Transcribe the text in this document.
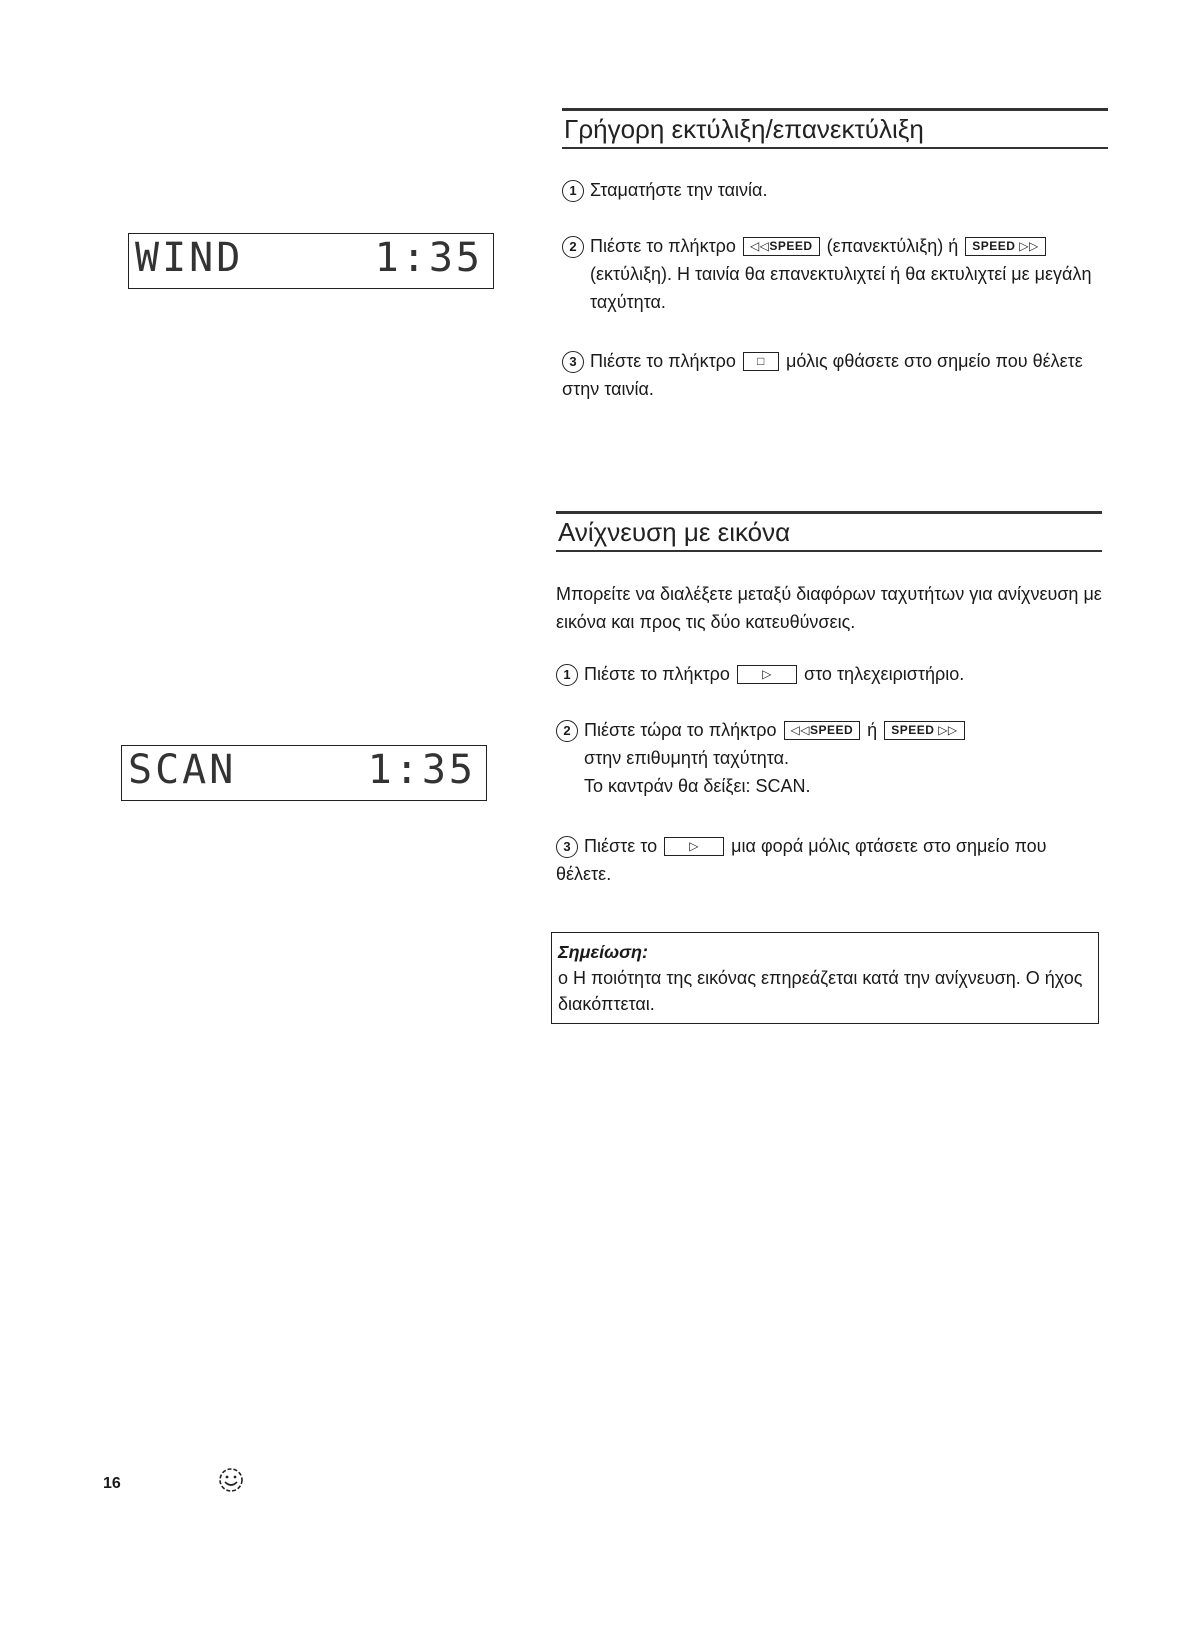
WIND	1:35
SCAN	1:35
Γρήγορη εκτύλιξη/επανεκτύλιξη
1 Σταματήστε την ταινία.
2 Πιέστε το πλήκτρο ◁◁SPEED (επανεκτύλιξη) ή SPEED ▷▷
(εκτύλιξη). Η ταινία θα επανεκτυλιχτεί ή θα εκτυλιχτεί με μεγάλη ταχύτητα.
3 Πιέστε το πλήκτρο □ μόλις φθάσετε στο σημείο που θέλετε στην ταινία.
Ανίχνευση με εικόνα
Μπορείτε να διαλέξετε μεταξύ διαφόρων ταχυτήτων για ανίχνευση με εικόνα και προς τις δύο κατευθύνσεις.
1 Πιέστε το πλήκτρο	▷ στο τηλεχειριστήριο.
2 Πιέστε τώρα το πλήκτρο ◁◁SPEED ή SPEED ▷▷
στην επιθυμητή ταχύτητα.
Το καντράν θα δείξει: SCAN.
3 Πιέστε το	▷ μια φορά μόλις φτάσετε στο σημείο που θέλετε.
Σημείωση:
ο Η ποιότητα της εικόνας επηρεάζεται κατά την ανίχνευση. Ο ήχος διακόπτεται.
16
